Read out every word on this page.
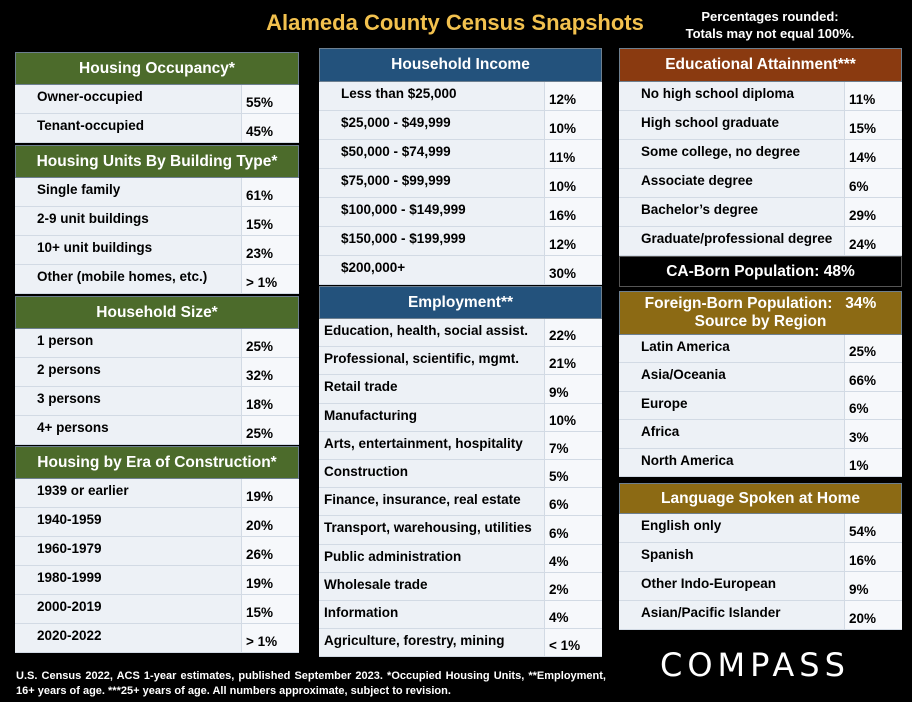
Alameda County Census Snapshots	Percentages rounded:
Totals may not equal 100%.
Housing Occupancy*
Owner-occupied	55%
Tenant-occupied	45%
Housing Units By Building Type*
Single family	61%
2-9 unit buildings	15%
10+ unit buildings	23%
Other (mobile homes, etc.)	> 1%
Household Size*
1 person	25%
2 persons	32%
3 persons	18%
4+ persons	25%
Housing by Era of Construction*
1939 or earlier	19%
1940-1959	20%
1960-1979	26%
1980-1999	19%
2000-2019	15%
2020-2022	> 1%
Household Income
Less than $25,000	12%
$25,000 - $49,999	10%
$50,000 - $74,999	11%
$75,000 - $99,999	10%
$100,000 - $149,999	16%
$150,000 - $199,999	12%
$200,000+	30%
Employment**
Education, health, social assist.	22%
Professional, scientific, mgmt.	21%
Retail trade	9%
Manufacturing	10%
Arts, entertainment, hospitality	7%
Construction	5%
Finance, insurance, real estate	6%
Transport, warehousing, utilities	6%
Public administration	4%
Wholesale trade	2%
Information	4%
Agriculture, forestry, mining	< 1%
Educational Attainment***
No high school diploma	11%
High school graduate	15%
Some college, no degree	14%
Associate degree	6%
Bachelor’s degree	29%
Graduate/professional degree	24%
CA-Born Population:
48%
Foreign-Born Population: 34%
Source by Region
Latin America	25%
Asia/Oceania	66%
Europe	6%
Africa	3%
North America	1%
Language Spoken at Home
English only	54%
Spanish	16%
Other Indo-European	9%
Asian/Pacific Islander	20%
U.S. Census 2022, ACS 1-year estimates, published September 2023. *Occupied Housing Units, **Employment, 16+ years of age. ***25+ years of age. All numbers approximate, subject to revision.
COMPASS
